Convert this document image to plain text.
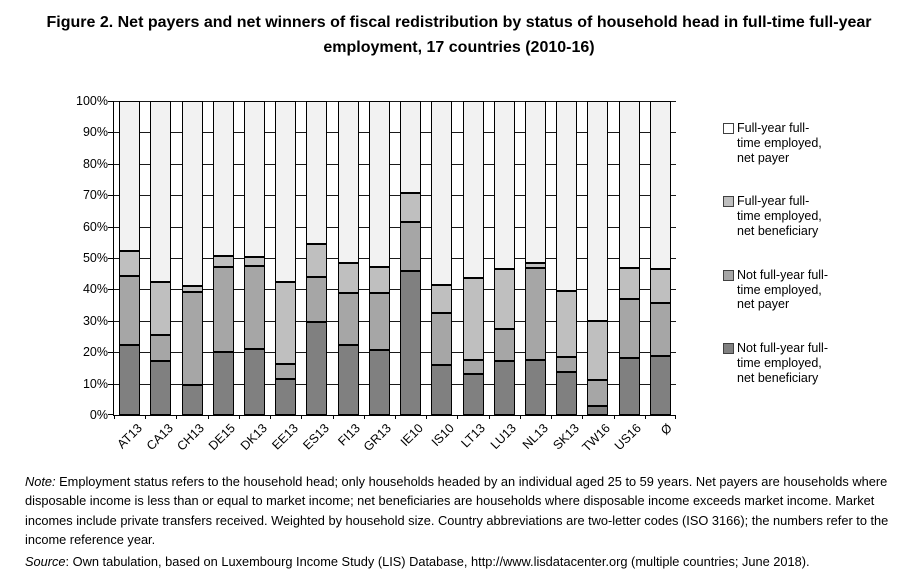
Figure 2. Net payers and net winners of fiscal redistribution by status of household head in full-time full-year employment, 17 countries (2010-16)
0%
10%
20%
30%
40%
50%
60%
70%
80%
90%
100%
AT13 CA13
CH13 DE15 DK13 EE13 ES13 FI13
GR13 IE10 IS10 LT13 LU13 NL13 SK13
TW16 US16	Ø
Full-year full-
time employed,
net payer
Full-year full-
time employed,
net beneficiary
Not full-year full-
time employed,
net payer
Not full-year full-
time employed,
net beneficiary

Note: Employment status refers to the household head; only households headed by an individual aged 25 to 59 years. Net payers are households where disposable income is less than or equal to market income; net beneficiaries are households where disposable income exceeds market income. Market incomes include private transfers received. Weighted by household size. Country abbreviations are two-letter codes (ISO 3166); the numbers refer to the income reference year.

Source: Own tabulation, based on Luxembourg Income Study (LIS) Database, http://www.lisdatacenter.org (multiple countries; June 2018).
